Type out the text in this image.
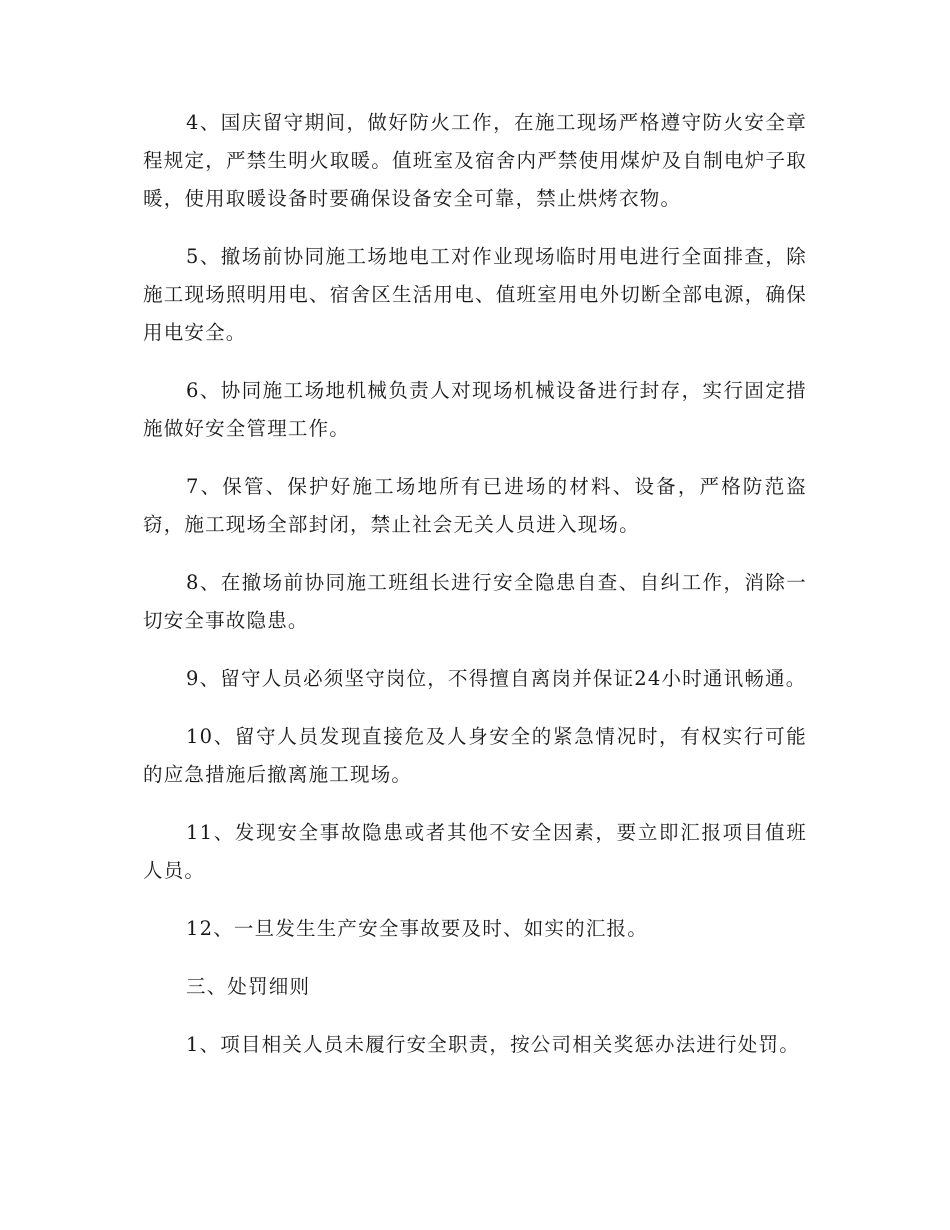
4、国庆留守期间，做好防火工作，在施工现场严格遵守防火安全章程规定，严禁生明火取暖。值班室及宿舍内严禁使用煤炉及自制电炉子取暖，使用取暖设备时要确保设备安全可靠，禁止烘烤衣物。

5、撤场前协同施工场地电工对作业现场临时用电进行全面排查，除施工现场照明用电、宿舍区生活用电、值班室用电外切断全部电源，确保用电安全。

6、协同施工场地机械负责人对现场机械设备进行封存，实行固定措施做好安全管理工作。

7、保管、保护好施工场地所有已进场的材料、设备，严格防范盗窃，施工现场全部封闭，禁止社会无关人员进入现场。

8、在撤场前协同施工班组长进行安全隐患自查、自纠工作，消除一切安全事故隐患。

9、留守人员必须坚守岗位，不得擅自离岗并保证24小时通讯畅通。

10、留守人员发现直接危及人身安全的紧急情况时，有权实行可能的应急措施后撤离施工现场。

11、发现安全事故隐患或者其他不安全因素，要立即汇报项目值班人员。

12、一旦发生生产安全事故要及时、如实的汇报。

三、处罚细则

1、项目相关人员未履行安全职责，按公司相关奖惩办法进行处罚。
